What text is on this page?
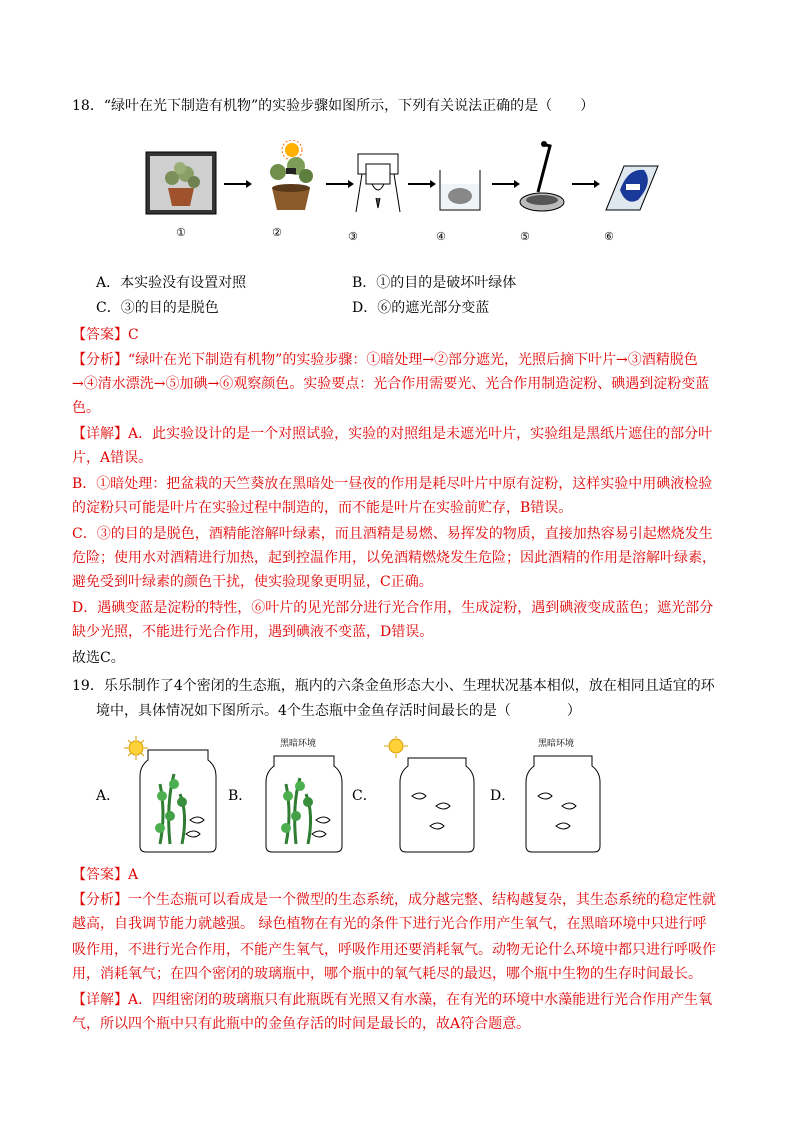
18．“绿叶在光下制造有机物”的实验步骤如图所示，下列有关说法正确的是（　　）
①	②	③	④	⑤	⑥
A．本实验没有设置对照	B．①的目的是破坏叶绿体
C．③的目的是脱色	D．⑥的遮光部分变蓝
【答案】C
【分析】“绿叶在光下制造有机物”的实验步骤：①暗处理→②部分遮光，光照后摘下叶片→③酒精脱色
→④清水漂洗→⑤加碘→⑥观察颜色。实验要点：光合作用需要光、光合作用制造淀粉、碘遇到淀粉变蓝
色。
【详解】A．此实验设计的是一个对照试验，实验的对照组是未遮光叶片，实验组是黑纸片遮住的部分叶
片，A错误。
B．①暗处理：把盆栽的天竺葵放在黑暗处一昼夜的作用是耗尽叶片中原有淀粉，这样实验中用碘液检验
的淀粉只可能是叶片在实验过程中制造的，而不能是叶片在实验前贮存，B错误。
C．③的目的是脱色，酒精能溶解叶绿素，而且酒精是易燃、易挥发的物质，直接加热容易引起燃烧发生
危险；使用水对酒精进行加热，起到控温作用，以免酒精燃烧发生危险；因此酒精的作用是溶解叶绿素，
避免受到叶绿素的颜色干扰，使实验现象更明显，C正确。
D．遇碘变蓝是淀粉的特性，⑥叶片的见光部分进行光合作用，生成淀粉，遇到碘液变成蓝色；遮光部分
缺少光照，不能进行光合作用，遇到碘液不变蓝，D错误。
故选C。
19．乐乐制作了4个密闭的生态瓶，瓶内的六条金鱼形态大小、生理状况基本相似，放在相同且适宜的环
境中，具体情况如下图所示。4个生态瓶中金鱼存活时间最长的是（　　　　）
A．	B．	C．	D．
黑暗环境	黑暗环境
【答案】A
【分析】一个生态瓶可以看成是一个微型的生态系统，成分越完整、结构越复杂，其生态系统的稳定性就
越高，自我调节能力就越强。 绿色植物在有光的条件下进行光合作用产生氧气，在黑暗环境中只进行呼
吸作用，不进行光合作用，不能产生氧气，呼吸作用还要消耗氧气。动物无论什么环境中都只进行呼吸作
用，消耗氧气；在四个密闭的玻璃瓶中，哪个瓶中的氧气耗尽的最迟，哪个瓶中生物的生存时间最长。
【详解】A．四组密闭的玻璃瓶只有此瓶既有光照又有水藻，在有光的环境中水藻能进行光合作用产生氧
气，所以四个瓶中只有此瓶中的金鱼存活的时间是最长的，故A符合题意。
